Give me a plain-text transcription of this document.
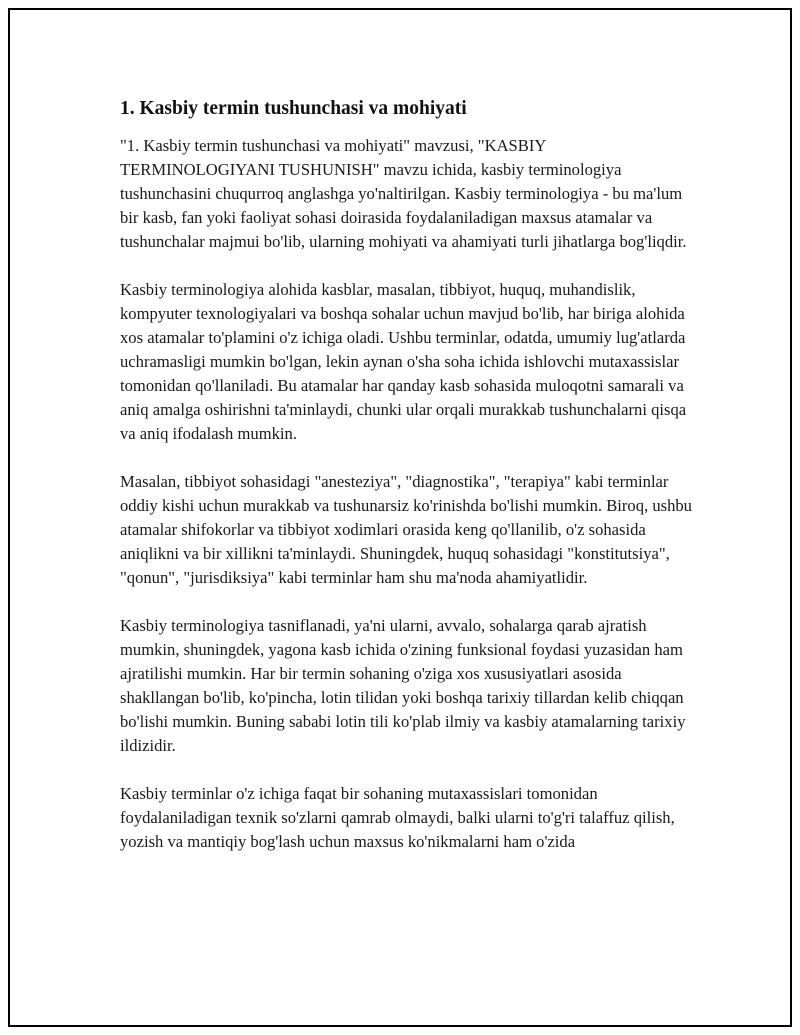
1. Kasbiy termin tushunchasi va mohiyati

"1. Kasbiy termin tushunchasi va mohiyati" mavzusi, "KASBIY TERMINOLOGIYANI TUSHUNISH" mavzu ichida, kasbiy terminologiya tushunchasini chuqurroq anglashga yo'naltirilgan. Kasbiy terminologiya - bu ma'lum bir kasb, fan yoki faoliyat sohasi doirasida foydalaniladigan maxsus atamalar va tushunchalar majmui bo'lib, ularning mohiyati va ahamiyati turli jihatlarga bog'liqdir.

Kasbiy terminologiya alohida kasblar, masalan, tibbiyot, huquq, muhandislik, kompyuter texnologiyalari va boshqa sohalar uchun mavjud bo'lib, har biriga alohida xos atamalar to'plamini o'z ichiga oladi. Ushbu terminlar, odatda, umumiy lug'atlarda uchramasligi mumkin bo'lgan, lekin aynan o'sha soha ichida ishlovchi mutaxassislar tomonidan qo'llaniladi. Bu atamalar har qanday kasb sohasida muloqotni samarali va aniq amalga oshirishni ta'minlaydi, chunki ular orqali murakkab tushunchalarni qisqa va aniq ifodalash mumkin.

Masalan, tibbiyot sohasidagi "anesteziya", "diagnostika", "terapiya" kabi terminlar oddiy kishi uchun murakkab va tushunarsiz ko'rinishda bo'lishi mumkin. Biroq, ushbu atamalar shifokorlar va tibbiyot xodimlari orasida keng qo'llanilib, o'z sohasida aniqlikni va bir xillikni ta'minlaydi. Shuningdek, huquq sohasidagi "konstitutsiya", "qonun", "jurisdiksiya" kabi terminlar ham shu ma'noda ahamiyatlidir.

Kasbiy terminologiya tasniflanadi, ya'ni ularni, avvalo, sohalarga qarab ajratish mumkin, shuningdek, yagona kasb ichida o'zining funksional foydasi yuzasidan ham ajratilishi mumkin. Har bir termin sohaning o'ziga xos xususiyatlari asosida shakllangan bo'lib, ko'pincha, lotin tilidan yoki boshqa tarixiy tillardan kelib chiqqan bo'lishi mumkin. Buning sababi lotin tili ko'plab ilmiy va kasbiy atamalarning tarixiy ildizidir.

Kasbiy terminlar o'z ichiga faqat bir sohaning mutaxassislari tomonidan foydalaniladigan texnik so'zlarni qamrab olmaydi, balki ularni to'g'ri talaffuz qilish, yozish va mantiqiy bog'lash uchun maxsus ko'nikmalarni ham o'zida
